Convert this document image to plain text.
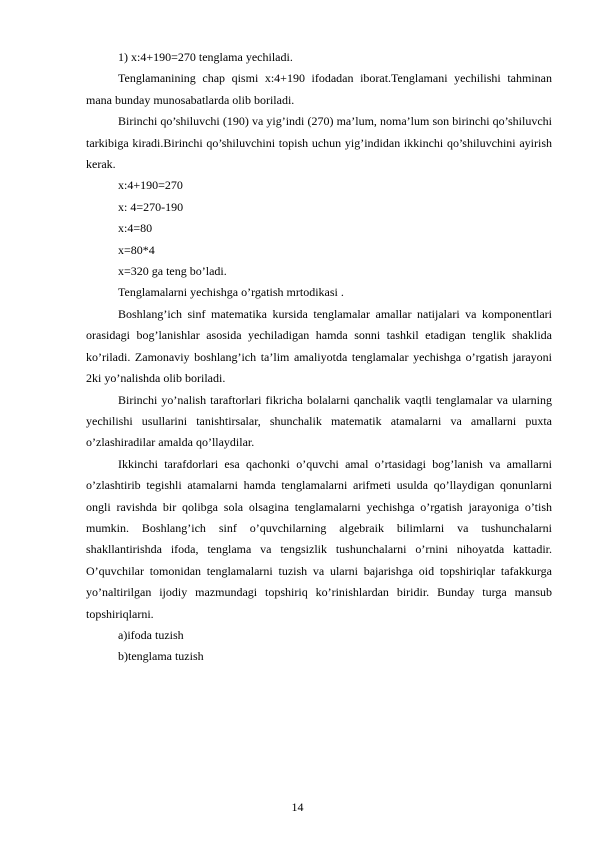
1) x:4+190=270 tenglama yechiladi.

Tenglamanining chap qismi x:4+190 ifodadan iborat.Tenglamani yechilishi tahminan mana bunday munosabatlarda olib boriladi.

Birinchi qo’shiluvchi (190) va yig’indi (270) ma’lum, noma’lum son birinchi qo’shiluvchi tarkibiga kiradi.Birinchi qo’shiluvchini topish uchun yig’indidan ikkinchi qo’shiluvchini ayirish kerak.

x:4+190=270

x: 4=270-190

x:4=80

x=80*4

x=320 ga teng bo’ladi.

Tenglamalarni yechishga o’rgatish mrtodikasi .

Boshlang’ich sinf matematika kursida tenglamalar amallar natijalari va komponentlari orasidagi bog’lanishlar asosida yechiladigan hamda sonni tashkil etadigan tenglik shaklida ko’riladi. Zamonaviy boshlang’ich ta’lim amaliyotda tenglamalar yechishga o’rgatish jarayoni 2ki yo’nalishda olib boriladi.

Birinchi yo’nalish taraftorlari fikricha bolalarni qanchalik vaqtli tenglamalar va ularning yechilishi usullarini tanishtirsalar, shunchalik matematik atamalarni va amallarni puxta o’zlashiradilar amalda qo’llaydilar.

Ikkinchi tarafdorlari esa qachonki o’quvchi amal o’rtasidagi bog’lanish va amallarni o’zlashtirib tegishli atamalarni hamda tenglamalarni arifmeti usulda qo’llaydigan qonunlarni ongli ravishda bir qolibga sola olsagina tenglamalarni yechishga o’rgatish jarayoniga o’tish mumkin. Boshlang’ich sinf o’quvchilarning algebraik bilimlarni va tushunchalarni shakllantirishda ifoda, tenglama va tengsizlik tushunchalarni o’rnini nihoyatda kattadir. O’quvchilar tomonidan tenglamalarni tuzish va ularni bajarishga oid topshiriqlar tafakkurga yo’naltirilgan ijodiy mazmundagi topshiriq ko’rinishlardan biridir. Bunday turga mansub topshiriqlarni.

a)ifoda tuzish

b)tenglama tuzish

14
